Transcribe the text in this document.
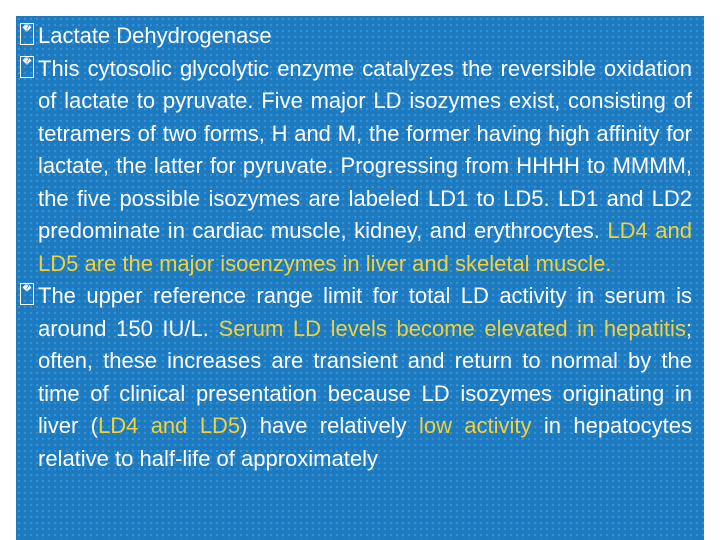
� Lactate Dehydrogenase

� This cytosolic glycolytic enzyme catalyzes the reversible oxidation of lactate to pyruvate. Five major LD isozymes exist, consisting of tetramers of two forms, H and M, the former having high affinity for lactate, the latter for pyruvate. Progressing from HHHH to MMMM, the five possible isozymes are labeled LD1 to LD5. LD1 and LD2 predominate in cardiac muscle, kidney, and erythrocytes. LD4 and LD5 are the major isoenzymes in liver and skeletal muscle.

� The upper reference range limit for total LD activity in serum is around 150 IU/L. Serum LD levels become elevated in hepatitis; often, these increases are transient and return to normal by the time of clinical presentation because LD isozymes originating in liver (LD4 and LD5) have relatively low activity in hepatocytes relative to half-life of approximately
